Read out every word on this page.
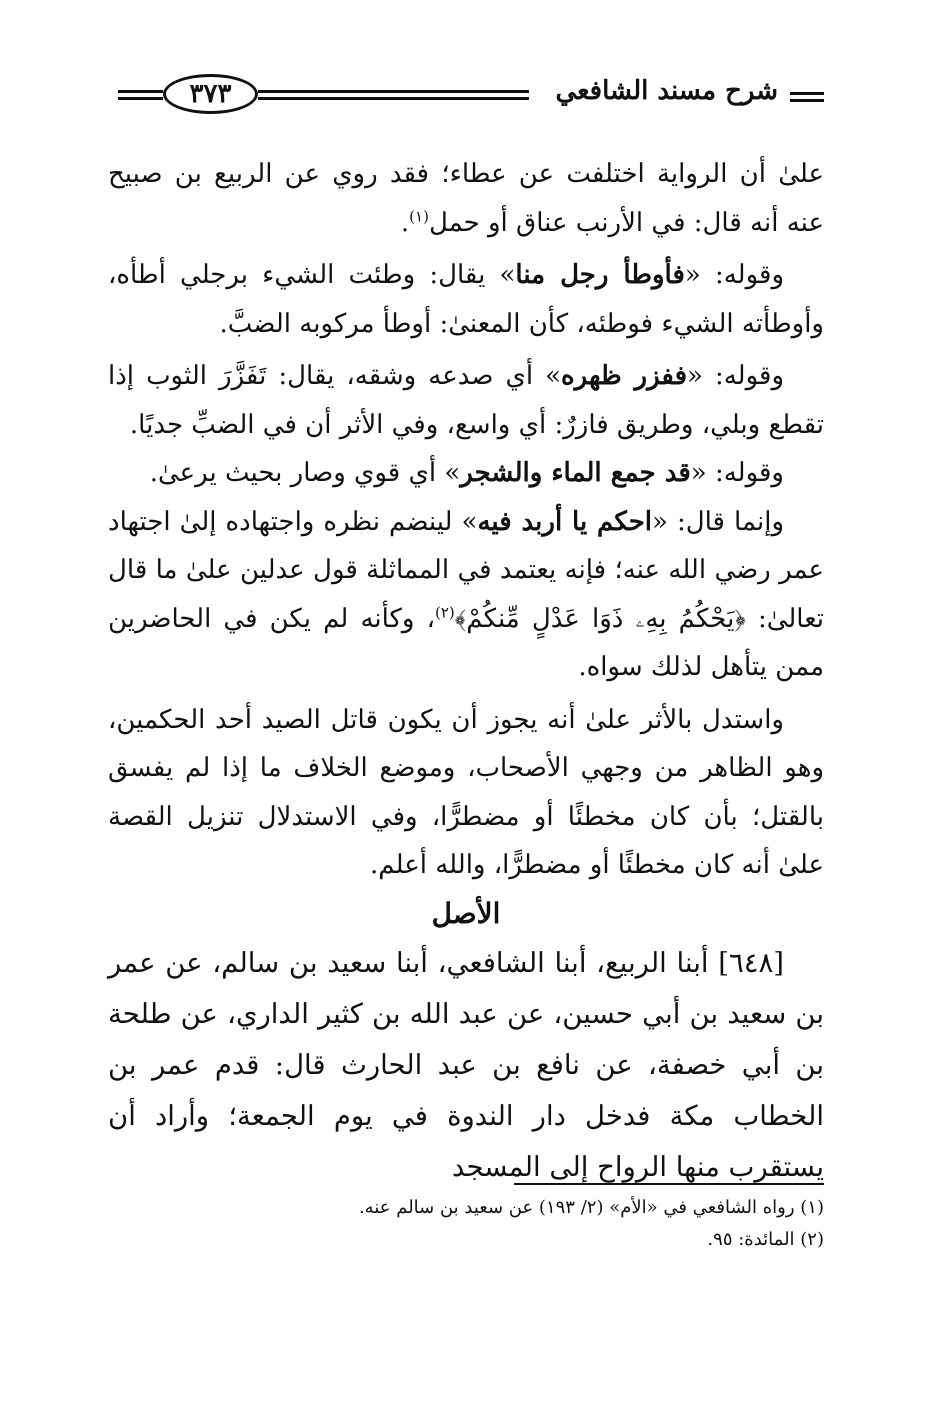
شرح مسند الشافعي
٣٧٣

علىٰ أن الرواية اختلفت عن عطاء؛ فقد روي عن الربيع بن صبيح عنه أنه قال: في الأرنب عناق أو حمل$^{(١)}$.

وقوله: «فأوطأ رجل منا» يقال: وطئت الشيء برجلي أطأه، وأوطأته الشيء فوطئه، كأن المعنىٰ: أوطأ مركوبه الضبَّ.

وقوله: «ففزر ظهره» أي صدعه وشقه، يقال: تَفَزَّرَ الثوب إذا تقطع وبلي، وطريق فازرٌ: أي واسع، وفي الأثر أن في الضبِّ جديًا.

وقوله: «قد جمع الماء والشجر» أي قوي وصار بحيث يرعىٰ.

وإنما قال: «احكم يا أربد فيه» لينضم نظره واجتهاده إلىٰ اجتهاد عمر رضي الله عنه؛ فإنه يعتمد في المماثلة قول عدلين علىٰ ما قال تعالىٰ: ﴿يَحْكُمُ بِهِۦ ذَوَا عَدْلٍ مِّنكُمْ﴾$^{(٢)}$، وكأنه لم يكن في الحاضرين ممن يتأهل لذلك سواه.

واستدل بالأثر علىٰ أنه يجوز أن يكون قاتل الصيد أحد الحكمين، وهو الظاهر من وجهي الأصحاب، وموضع الخلاف ما إذا لم يفسق بالقتل؛ بأن كان مخطئًا أو مضطرًّا، وفي الاستدلال تنزيل القصة علىٰ أنه كان مخطئًا أو مضطرًّا، والله أعلم.

الأصل

[٦٤٨] أبنا الربيع، أبنا الشافعي، أبنا سعيد بن سالم، عن عمر بن سعيد بن أبي حسين، عن عبد الله بن كثير الداري، عن طلحة بن أبي خصفة، عن نافع بن عبد الحارث قال: قدم عمر بن الخطاب مكة فدخل دار الندوة في يوم الجمعة؛ وأراد أن يستقرب منها الرواح إلى المسجد

(١) رواه الشافعي في «الأم» (٢/ ١٩٣) عن سعيد بن سالم عنه.
(٢) المائدة: ٩٥.
